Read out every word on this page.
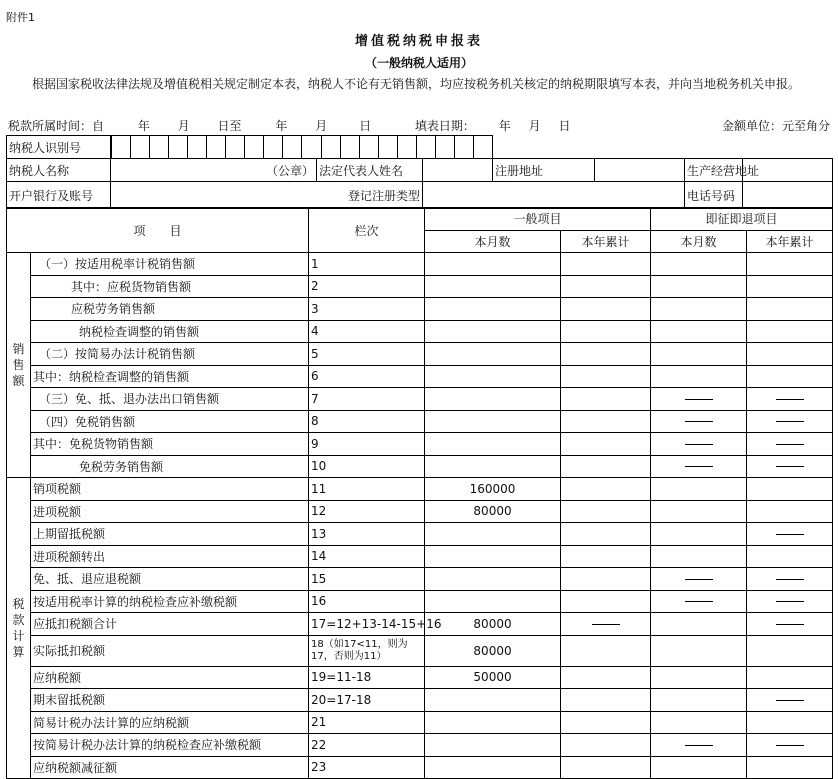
附件1
增值税纳税申报表
（一般纳税人适用）
根据国家税收法律法规及增值税相关规定制定本表，纳税人不论有无销售额，均应按税务机关核定的纳税期限填写本表，并向当地税务机关申报。
税款所属时间：自	年 月 日至	年 月	日	填表日期： 年 月 日	金额单位：元至角分
纳税人识别号						

纳税人名称	（公章）	法定代表人姓名		注册地址		生产经营地址	
开户银行及账号	登记注册类型					电话号码	
项　　目		栏次	一般项目		即征即退项目	
			本月数	本年累计	本月数	本年累计
销
售
额	（一）按适用税率计税销售额	1				
	其中：应税货物销售额	2				
	应税劳务销售额	3				
	纳税检查调整的销售额	4				
	（二）按简易办法计税销售额	5				
	其中：纳税检查调整的销售额	6				
	（三）免、抵、退办法出口销售额	7				
	（四）免税销售额	8				
	其中：免税货物销售额	9				
	免税劳务销售额	10				
税
款
计
算	销项税额	11	160000			
	进项税额	12	80000			
	上期留抵税额	13				
	进项税额转出	14				
	免、抵、退应退税额	15				
	按适用税率计算的纳税检查应补缴税额	16				
	应抵扣税额合计	17=12+13-14-15+16	80000			
	实际抵扣税额	18（如17<11，则为17，否则为11）	80000			
	应纳税额	19=11-18	50000			
	期末留抵税额	20=17-18				
	简易计税办法计算的应纳税额	21				
	按简易计税办法计算的纳税检查应补缴税额	22				
	应纳税额减征额	23				
